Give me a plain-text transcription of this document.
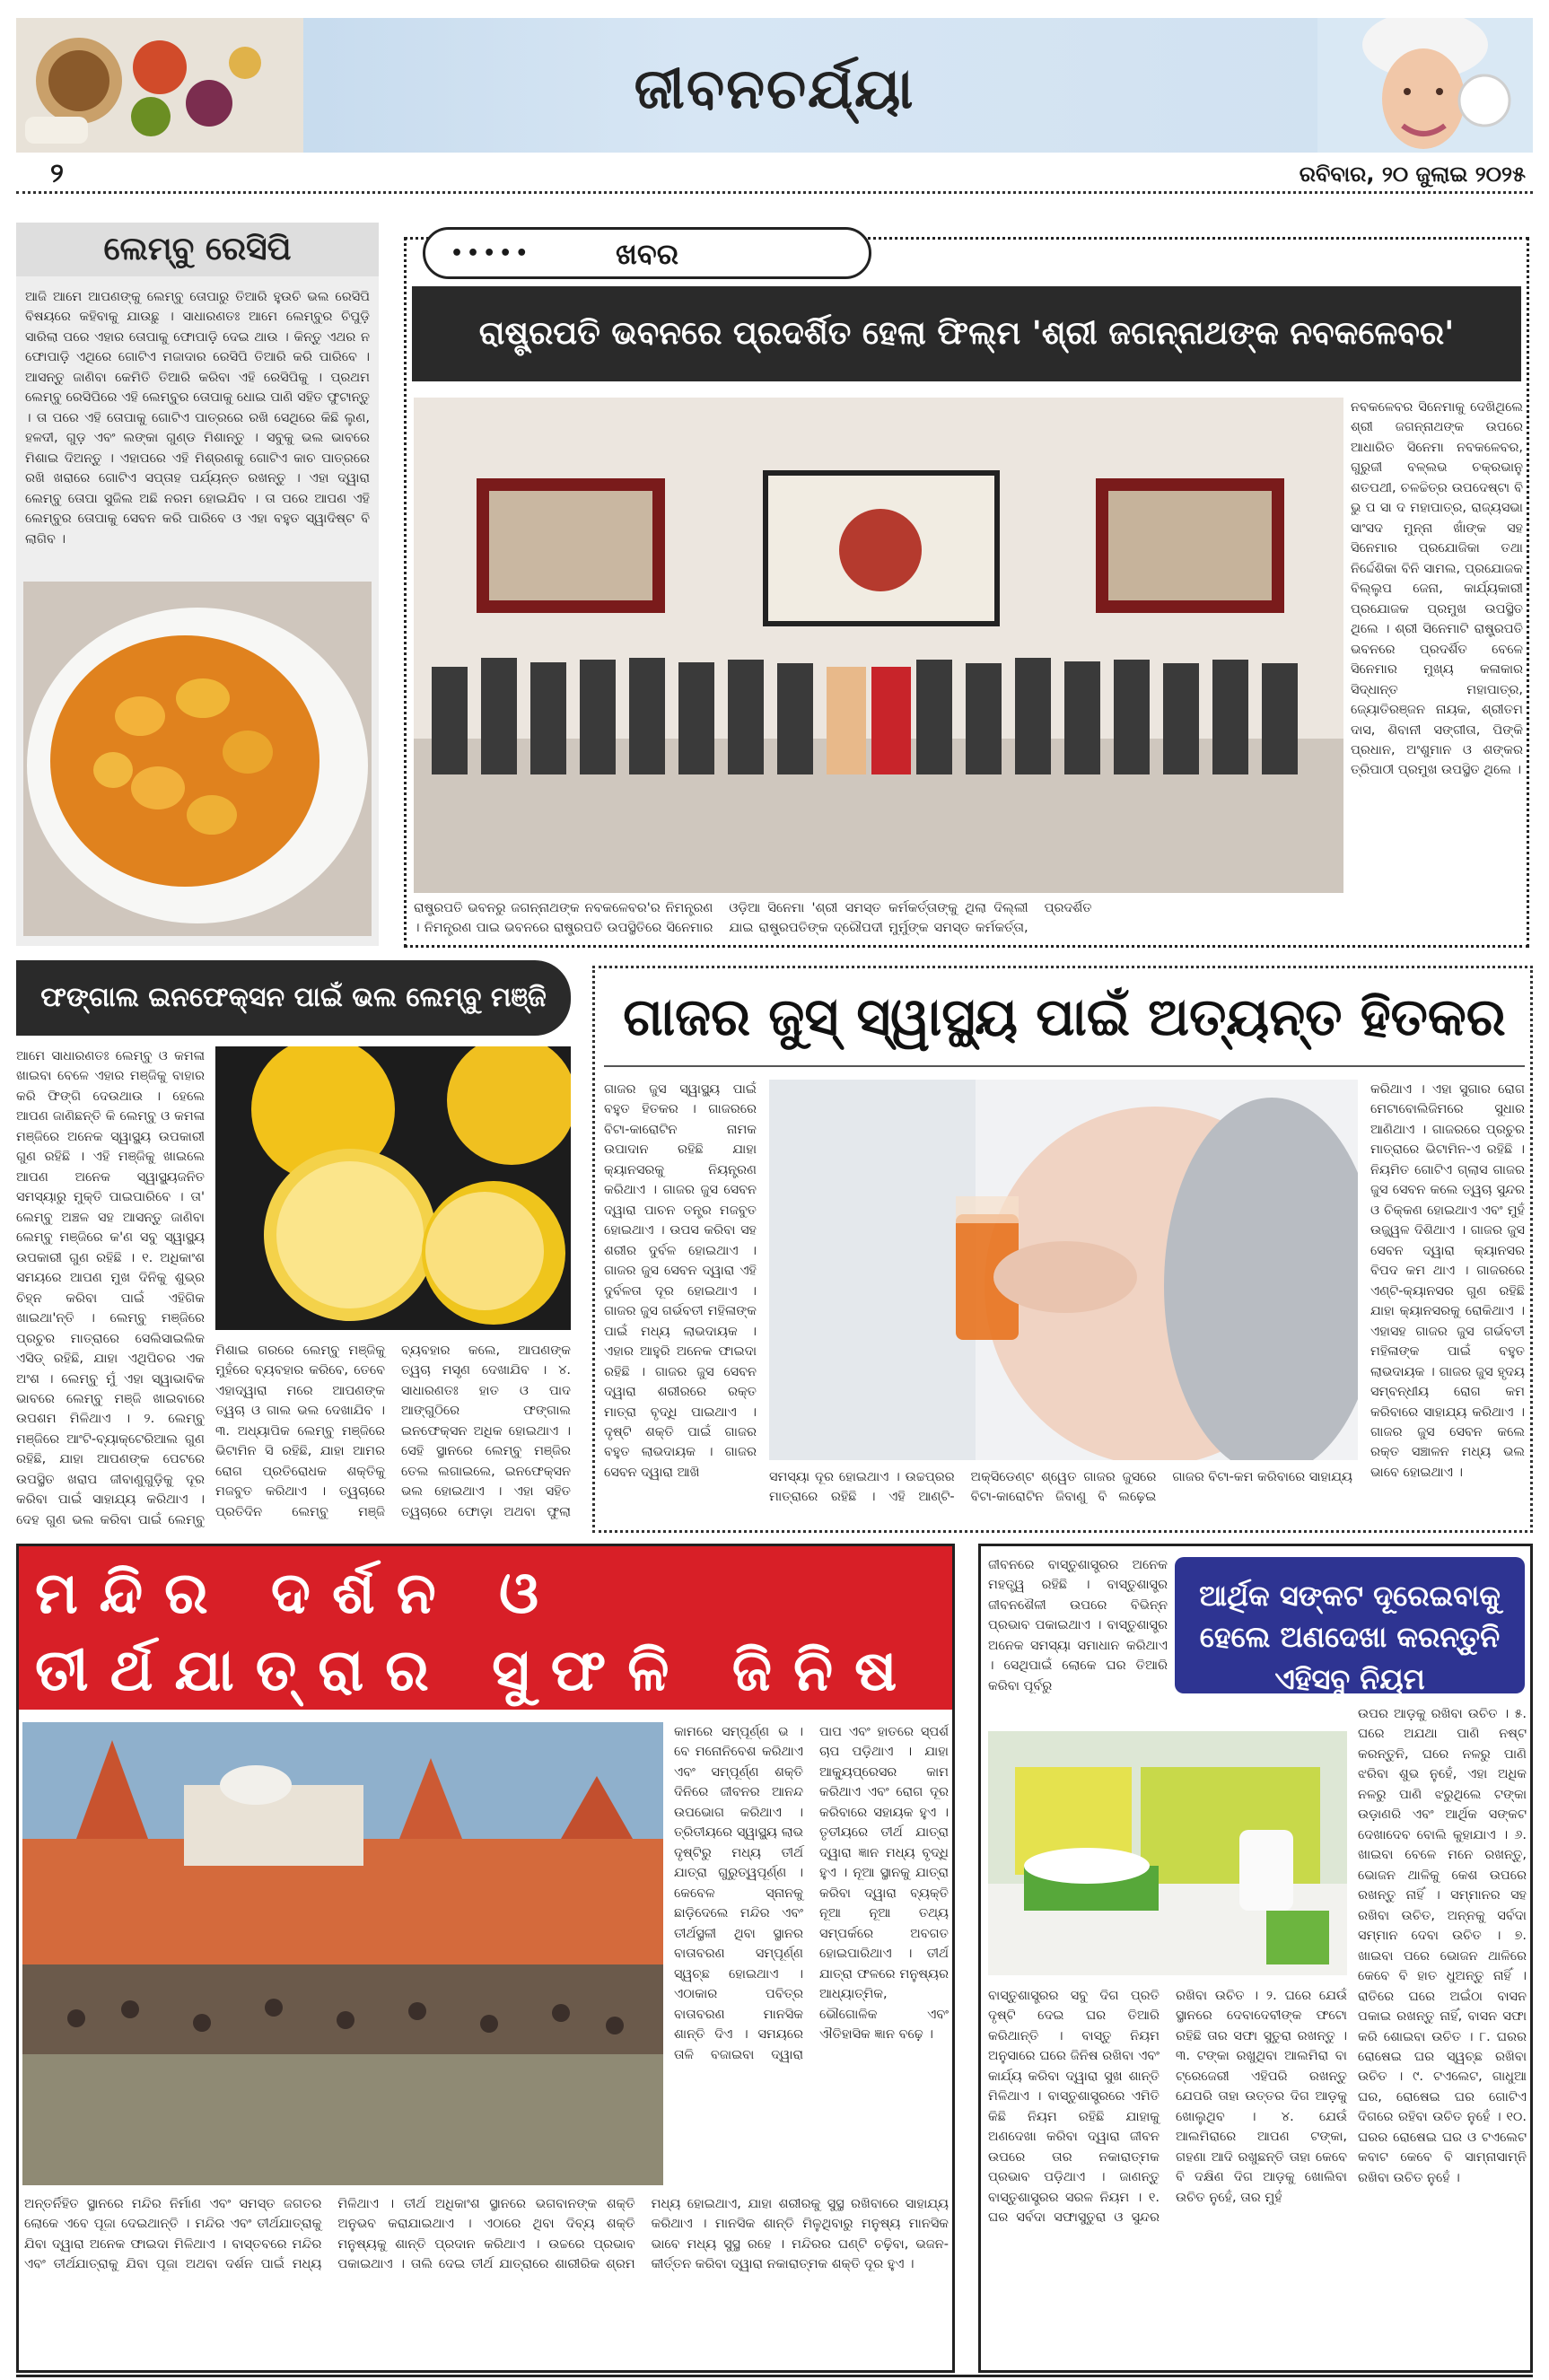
ଜୀବନଚର୍ଯ୍ୟା
୨	ରବିବାର, ୨୦ ଜୁଲାଇ ୨୦୨୫
ଲେମ୍ବୁ ରେସିପି
ଆଜି ଆମେ ଆପଣଙ୍କୁ ଲେମ୍ବୁ ତୋପାରୁ ତିଆରି ହୁଉଚି ଭଲ ରେସିପି ବିଷୟରେ କହିବାକୁ ଯାଉଛୁ । ସାଧାରଣତଃ ଆମେ ଲେମ୍ବୁର ଚିପୁଡ଼ି ସାରିଲା ପରେ ଏହାର ତୋପାକୁ ଫୋପାଡ଼ି ଦେଇ ଥାଉ । କିନ୍ତୁ ଏଥର ନ ଫୋପାଡ଼ି ଏଥିରେ ଗୋଟିଏ ମଜାଦାର ରେସିପି ତିଆରି କରି ପାରିବେ । ଆସନ୍ତୁ ଜାଣିବା କେମିତି ତିଆରି କରିବା ଏହି ରେସିପିକୁ । ପ୍ରଥମ ଲେମ୍ବୁ ରେସିପିରେ ଏହି ଲେମ୍ବୁର ତୋପାକୁ ଧୋଇ ପାଣି ସହିତ ଫୁଟାନ୍ତୁ । ତା ପରେ ଏହି ତୋପାକୁ ଗୋଟିଏ ପାତ୍ରରେ ରଖି ସେଥିରେ କିଛି ଲୁଣ, ହଳଦୀ, ଗୁଡ଼ ଏବଂ ଲଙ୍କା ଗୁଣ୍ଡ ମିଶାନ୍ତୁ । ସବୁକୁ ଭଲ ଭାବରେ ମିଶାଇ ଦିଅନ୍ତୁ । ଏହାପରେ ଏହି ମିଶ୍ରଣକୁ ଗୋଟିଏ କାଚ ପାତ୍ରରେ ରଖି ଖରାରେ ଗୋଟିଏ ସପ୍ତାହ ପର୍ଯ୍ୟନ୍ତ ରଖନ୍ତୁ । ଏହା ଦ୍ୱାରା ଲେମ୍ବୁ ତୋପା ସୁଜିଲ ଅଛି ନରମ ହୋଇଯିବ । ତା ପରେ ଆପଣ ଏହି ଲେମ୍ବୁର ତୋପାକୁ ସେବନ କରି ପାରିବେ ଓ ଏହା ବହୁତ ସ୍ୱାଦିଷ୍ଟ ବି ଲାଗିବ ।
•••••	ଖବର
ରାଷ୍ଟ୍ରପତି ଭବନରେ ପ୍ରଦର୍ଶିତ ହେଲା ଫିଲ୍ମ 'ଶ୍ରୀ ଜଗନ୍ନାଥଙ୍କ ନବକଳେବର'
ରାଷ୍ଟ୍ରପତି ଭବନରୁ ଜଗନ୍ନାଥଙ୍କ ନବକଳେବର'ର ନିମନ୍ତ୍ରଣ । ନିମନ୍ତ୍ରଣ ପାଇ ଭବନରେ ରାଷ୍ଟ୍ରପତି ଉପସ୍ଥିତିରେ ସିନେମାର ଓଡ଼ିଆ ସିନେମା 'ଶ୍ରୀ ସମସ୍ତ କର୍ମକର୍ତ୍ତାଙ୍କୁ ଥିଲା ଦିଲ୍ଲୀ ଯାଇ ରାଷ୍ଟ୍ରପତିଙ୍କ ଦ୍ରୌପଦୀ ମୁର୍ମୁଙ୍କ ସମସ୍ତ କର୍ମକର୍ତ୍ତା, ପ୍ରଦର୍ଶିତ
ନବକଳେବର ସିନେମାକୁ ଦେଖିଥିଲେ ଶ୍ରୀ ଜଗନ୍ନାଥଙ୍କ ଉପରେ ଆଧାରିତ ସିନେମା ନବକଳେବର, ଗୁରୁଜୀ ବଳ୍ଲଭ ଚକ୍ରଭାନୁ ଶତପଥୀ, ଚଳଚ୍ଚିତ୍ର ଉପଦେଷ୍ଟା ବି ଭୁ ପ ସା ଦ ମହାପାତ୍ର, ରାଜ୍ୟସଭା ସାଂସଦ ମୁନ୍ନା ଖାଁଙ୍କ ସହ ସିନେମାର ପ୍ରଯୋଜିକା ତଥା ନିର୍ଦ୍ଦେଶିକା ବିନି ସାମଲ, ପ୍ରଯୋଜକ ବିଲ୍ଲୁପ ଜେନା, କାର୍ଯ୍ୟକାରୀ ପ୍ରଯୋଜକ ପ୍ରମୁଖ ଉପସ୍ଥିତ ଥିଲେ । ଶ୍ରୀ ସିନେମାଟି ରାଷ୍ଟ୍ରପତି ଭବନରେ ପ୍ରଦର୍ଶିତ ବେଳେ ସିନେମାର ମୁଖ୍ୟ କଳାକାର ସିଦ୍ଧାନ୍ତ ମହାପାତ୍ର, ଜ୍ୟୋତିରଞ୍ଜନ ନାୟକ, ଶ୍ରୀତମ ଦାସ, ଶିବାନୀ ସଙ୍ଗୀତା, ପିଙ୍କି ପ୍ରଧାନ, ଅଂଶୁମାନ ଓ ଶଙ୍କର ତ୍ରିପାଠୀ ପ୍ରମୁଖ ଉପସ୍ଥିତ ଥିଲେ ।
ଫଙ୍ଗାଲ ଇନଫେକ୍ସନ ପାଇଁ ଭଲ ଲେମ୍ବୁ ମଞ୍ଜି
ଆମେ ସାଧାରଣତଃ ଲେମ୍ବୁ ଓ କମଳା ଖାଇବା ବେଳେ ଏହାର ମଞ୍ଜିକୁ ବାହାର କରି ଫିଙ୍ଗି ଦେଉଥାଉ । ହେଲେ ଆପଣ ଜାଣିଛନ୍ତି କି ଲେମ୍ବୁ ଓ କମଳା ମଞ୍ଜିରେ ଅନେକ ସ୍ୱାସ୍ଥ୍ୟ ଉପକାରୀ ଗୁଣ ରହିଛି । ଏହି ମଞ୍ଜିକୁ ଖାଇଲେ ଆପଣ ଅନେକ ସ୍ୱାସ୍ଥ୍ୟଜନିତ ସମସ୍ୟାରୁ ମୁକ୍ତି ପାଇପାରିବେ । ତା' ଲେମ୍ବୁ ଅଞ୍ଚଳ ସହ ଆସନ୍ତୁ ଜାଣିବା ଲେମ୍ବୁ ମଞ୍ଜିରେ କ'ଣ ସବୁ ସ୍ୱାସ୍ଥ୍ୟ ଉପକାରୀ ଗୁଣ ରହିଛି । ୧. ଅଧିକାଂଶ ସମୟରେ ଆପଣ ମୁଖ ଦିନିକୁ ଶୁଭ୍ର ଚିହ୍ନ କରିବା ପାଇଁ ଏହିଗିକ ଖାଇଥା'ନ୍ତି । ଲେମ୍ବୁ ମଞ୍ଜିରେ ପ୍ରଚୁର ମାତ୍ରାରେ ସେଲିସାଇଲିକ ଏସିଡ୍ ରହିଛି, ଯାହା ଏଥିପିଚର ଏକ ଅଂଶ । ଲେମ୍ବୁ ମୁଁ ଏହା ସ୍ୱାଭାବିକ ଭାବରେ ଲେମ୍ବୁ ମଞ୍ଜି ଖାଇବାରେ ଉପଶମ ମିଳିଥାଏ । ୨. ଲେମ୍ବୁ ମଞ୍ଜିରେ ଆଂଟି-ବ୍ୟାକ୍ଟେରିଆଲ ଗୁଣ ରହିଛି, ଯାହା ଆପଣଙ୍କ ପେଟରେ ଉପସ୍ଥିତ ଖରାପ ଜୀବାଣୁଗୁଡ଼ିକୁ ଦୂର କରିବା ପାଇଁ ସାହାଯ୍ୟ କରିଥାଏ । ଦେହ ଗୁଣ ଭଲ କରିବା ପାଇଁ ଲେମ୍ବୁ
ମିଶାଇ ଗରରେ ଲେମ୍ବୁ ମଞ୍ଜିକୁ ମୁହଁରେ ବ୍ୟବହାର କରିବେ, ତେବେ ଏହାଦ୍ୱାରା ମରେ ଆପଣଙ୍କ ତ୍ୱଚା ଓ ଗାଲ ଭଲ ଦେଖାଯିବ । ୩. ଅଧ୍ୟାପିକ ଲେମ୍ବୁ ମଞ୍ଜିରେ ଭିଟାମିନ ସି ରହିଛି, ଯାହା ଆମର ରୋଗ ପ୍ରତିରୋଧକ ଶକ୍ତିକୁ ମଜବୁତ କରିଥାଏ । ତ୍ୱଚାରେ ପ୍ରତିଦିନ ଲେମ୍ବୁ ମଞ୍ଜି ବ୍ୟବହାର କଲେ, ଆପଣଙ୍କ ତ୍ୱଚା ମସୃଣ ଦେଖାଯିବ । ୪. ସାଧାରଣତଃ ହାତ ଓ ପାଦ ଆଙ୍ଗୁଠିରେ ଫଙ୍ଗାଲ ଇନଫେକ୍ସନ ଅଧିକ ହୋଇଥାଏ । ସେହି ସ୍ଥାନରେ ଲେମ୍ବୁ ମଞ୍ଜିର ତେଲ ଲଗାଇଲେ, ଇନଫେକ୍ସନ ଭଲ ହୋଇଥାଏ । ଏହା ସହିତ ତ୍ୱଚାରେ ଫୋଡ଼ା ଅଥବା ଫୁଲା
ଗାଜର ଜୁସ୍ ସ୍ୱାସ୍ଥ୍ୟ ପାଇଁ ଅତ୍ୟନ୍ତ ହିତକର
ଗାଜର ଜୁସ ସ୍ୱାସ୍ଥ୍ୟ ପାଇଁ ବହୁତ ହିତକର । ଗାଜରରେ ବିଟା-କାରୋଟିନ ନାମକ ଉପାଦାନ ରହିଛି ଯାହା କ୍ୟାନସରକୁ ନିୟନ୍ତ୍ରଣ କରିଥାଏ । ଗାଜର ଜୁସ ସେବନ ଦ୍ୱାରା ପାଚନ ତନ୍ତ୍ର ମଜବୁତ ହୋଇଥାଏ । ଉପସ କରିବା ସହ ଶରୀର ଦୁର୍ବଳ ହୋଇଥାଏ । ଗାଜର ଜୁସ ସେବନ ଦ୍ୱାରା ଏହି ଦୁର୍ବଳତା ଦୂର ହୋଇଥାଏ । ଗାଜର ଜୁସ ଗର୍ଭବତୀ ମହିଳାଙ୍କ ପାଇଁ ମଧ୍ୟ ଲାଭଦାୟକ । ଏହାର ଆହୁରି ଅନେକ ଫାଇଦା ରହିଛି । ଗାଜର ଜୁସ ସେବନ ଦ୍ୱାରା ଶରୀରରେ ରକ୍ତ ମାତ୍ରା ବୃଦ୍ଧି ପାଇଥାଏ । ଦୃଷ୍ଟି ଶକ୍ତି ପାଇଁ ଗାଜର ବହୁତ ଲାଭଦାୟକ । ଗାଜର ସେବନ ଦ୍ୱାରା ଆଖି	ସମସ୍ୟା ଦୂର ହୋଇଥାଏ । ଉଚ୍ଚପ୍ରର ମାତ୍ରାରେ ରହିଛି । ଏହି ଆଣ୍ଟି-ଅକ୍ସିଡେଣ୍ଟ ଶ୍ୱେତ ଗାଜର ଜୁସରେ ବିଟା-କାରୋଟିନ ଜିବାଣୁ ବି ଲଢ଼େଇ ଗାଜର ବିଟା-କମ କରିବାରେ ସାହାଯ୍ୟ
କରିଥାଏ । ଏହା ସୁଗାର ରୋଗ ମେଟାବୋଲିଜିମରେ ସୁଧାର ଆଣିଥାଏ । ଗାଜରରେ ପ୍ରଚୁର ମାତ୍ରାରେ ଭିଟାମିନ-ଏ ରହିଛି । ନିୟମିତ ଗୋଟିଏ ଗ୍ଲାସ ଗାଜର ଜୁସ ସେବନ କଲେ ତ୍ୱଚା ସୁନ୍ଦର ଓ ଚିକ୍କଣ ହୋଇଥାଏ ଏବଂ ମୁହଁ ଉଜ୍ଜ୍ୱଳ ଦିଶିଥାଏ । ଗାଜର ଜୁସ ସେବନ ଦ୍ୱାରା କ୍ୟାନସର ବିପଦ କମ ଥାଏ । ଗାଜରରେ ଏଣ୍ଟି-କ୍ୟାନସର ଗୁଣ ରହିଛି ଯାହା କ୍ୟାନସରକୁ ରୋକିଥାଏ । ଏହାସହ ଗାଜର ଜୁସ ଗର୍ଭବତୀ ମହିଳାଙ୍କ ପାଇଁ ବହୁତ ଲାଭଦାୟକ । ଗାଜର ଜୁସ ହୃଦୟ ସମ୍ବନ୍ଧୀୟ ରୋଗ କମ କରିବାରେ ସାହାଯ୍ୟ କରିଥାଏ । ଗାଜର ଜୁସ ସେବନ କଲେ ରକ୍ତ ସଞ୍ଚାଳନ ମଧ୍ୟ ଭଲ ଭାବେ ହୋଇଥାଏ ।
ମନ୍ଦିର ଦର୍ଶନ ଓ ତୀର୍ଥଯାତ୍ରାର ସୁଫଳି ଜିନିଷ
କାମରେ ସମ୍ପୂର୍ଣ୍ଣ ଭ । ବେ ମନୋନିବେଶ କରିଥାଏ ଏବଂ ସମ୍ପୂର୍ଣ୍ଣ ଶକ୍ତି ଦିନିରେ ଜୀବନର ଆନନ୍ଦ ଉପଭୋଗ କରିଥାଏ । ତ୍ରିତୀୟରେ ସ୍ୱାସ୍ଥ୍ୟ ଲାଭ ଦୃଷ୍ଟିରୁ ମଧ୍ୟ ତୀର୍ଥ ଯାତ୍ରା ଗୁରୁତ୍ୱପୂର୍ଣ୍ଣ । କେବେଳ ସ୍ନାନକୁ ଛାଡ଼ିଦେଲେ ମନ୍ଦିର ଏବଂ ତୀର୍ଥସ୍ଥଳୀ ଥିବା ସ୍ଥାନର ବାତାବରଣ ସମ୍ପୂର୍ଣ୍ଣ ସ୍ୱଚ୍ଛ ହୋଇଥାଏ । ଏଠାକାର ପବିତ୍ର ବାତାବରଣ ମାନସିକ ଶାନ୍ତି ଦିଏ । ସମୟରେ ତାଳି ବଜାଇବା ଦ୍ୱାରା ପାପ ଏବଂ ହାତରେ ସ୍ପର୍ଶ ଚାପ ପଡ଼ିଥାଏ । ଯାହା ଆକ୍ୟୁପ୍ରେସର କାମ କରିଥାଏ ଏବଂ ରୋଗ ଦୂର କରିବାରେ ସହାୟକ ହୁଏ । ତୃତୀୟରେ ତୀର୍ଥ ଯାତ୍ରା ଦ୍ୱାରା ଜ୍ଞାନ ମଧ୍ୟ ବୃଦ୍ଧି ହୁଏ । ନୂଆ ସ୍ଥାନକୁ ଯାତ୍ରା କରିବା ଦ୍ୱାରା ବ୍ୟକ୍ତି ନୂଆ ନୂଆ ତଥ୍ୟ ସମ୍ପର୍କରେ ଅବଗତ ହୋଇପାରିଥାଏ । ତୀର୍ଥ ଯାତ୍ରା ଫଳରେ ମନୁଷ୍ୟର ଆଧ୍ୟାତ୍ମିକ, ଭୌଗୋଳିକ ଏବଂ ଐତିହାସିକ ଜ୍ଞାନ ବଢ଼େ ।
ଅନ୍ତର୍ନିହିତ ସ୍ଥାନରେ ମନ୍ଦିର ନିର୍ମାଣ ଏବଂ ସମସ୍ତ ଜଗତର ଲୋକେ ଏବେ ପୂଜା ଦେଇଥାନ୍ତି । ମନ୍ଦିର ଏବଂ ତୀର୍ଥଯାତ୍ରାକୁ ଯିବା ଦ୍ୱାରା ଅନେକ ଫାଇଦା ମିଳିଥାଏ । ବାସ୍ତବରେ ମନ୍ଦିର ଏବଂ ତୀର୍ଥଯାତ୍ରାକୁ ଯିବା ପୂଜା ଅଥବା ଦର୍ଶନ ପାଇଁ ମଧ୍ୟ ମିଳିଥାଏ । ତୀର୍ଥ ଅଧିକାଂଶ ସ୍ଥାନରେ ଭଗବାନଙ୍କ ଶକ୍ତି ଅନୁଭବ କରାଯାଇଥାଏ । ଏଠାରେ ଥିବା ଦିବ୍ୟ ଶକ୍ତି ମନୁଷ୍ୟକୁ ଶାନ୍ତି ପ୍ରଦାନ କରିଥାଏ । ଉଚ୍ଚରେ ପ୍ରଭାବ ପକାଇଥାଏ । ତାଲି ଦେଇ ତୀର୍ଥ ଯାତ୍ରାରେ ଶାରୀରିକ ଶ୍ରମ ମଧ୍ୟ ହୋଇଥାଏ, ଯାହା ଶରୀରକୁ ସୁସ୍ଥ ରଖିବାରେ ସାହାଯ୍ୟ କରିଥାଏ । ମାନସିକ ଶାନ୍ତି ମିଳୁଥିବାରୁ ମନୁଷ୍ୟ ମାନସିକ ଭାବେ ମଧ୍ୟ ସୁସ୍ଥ ରହେ । ମନ୍ଦିରର ଘଣ୍ଟି ଚଢ଼ିବା, ଭଜନ-କୀର୍ତ୍ତନ କରିବା ଦ୍ୱାରା ନକାରାତ୍ମକ ଶକ୍ତି ଦୂର ହୁଏ ।
ଜୀବନରେ ବାସ୍ତୁଶାସ୍ତ୍ରର ଅନେକ ମହତ୍ତ୍ୱ ରହିଛି । ବାସ୍ତୁଶାସ୍ତ୍ର ଜୀବନଶୈଳୀ ଉପରେ ବିଭିନ୍ନ ପ୍ରଭାବ ପକାଇଥାଏ । ବାସ୍ତୁଶାସ୍ତ୍ର ଅନେକ ସମସ୍ୟା ସମାଧାନ କରିଥାଏ । ସେଥିପାଇଁ ଲୋକେ ଘର ତିଆରି କରିବା ପୂର୍ବରୁ
ଆର୍ଥିକ ସଙ୍କଟ ଦୂରେଇବାକୁ ହେଲେ ଅଣଦେଖା କରନ୍ତୁନି ଏହିସବୁ ନିୟମ
ଉପର ଆଡ଼କୁ ରଖିବା ଉଚିତ । ୫. ଘରେ ଅଯଥା ପାଣି ନଷ୍ଟ କରନ୍ତୁନି, ଘରେ ନଳରୁ ପାଣି ଝରିବା ଶୁଭ ନୁହେଁ, ଏହା ଅଧିକ ନଳରୁ ପାଣି ଝରୁଥିଲେ ଟଙ୍କା ଉଡ଼ାଣରି ଏବଂ ଆର୍ଥିକ ସଙ୍କଟ ଦେଖାଦେବ ବୋଲି କୁହାଯାଏ । ୬. ଖାଇବା ବେଳେ ମନେ ରଖନ୍ତୁ, ଭୋଜନ ଥାଳିକୁ କେଶ ଉପରେ ରଖନ୍ତୁ ନାହିଁ । ସମ୍ମାନର ସହ ରଖିବା ଉଚିତ, ଅନ୍ନକୁ ସର୍ବଦା ସମ୍ମାନ ଦେବା ଉଚିତ । ୭. ଖାଇବା ପରେ ଭୋଜନ ଥାଳିରେ କେବେ ବି ହାତ ଧୁଅନ୍ତୁ ନାହିଁ । ରାତିରେ ଘରେ ଅଇଁଠା ବାସନ ପକାଇ ରଖନ୍ତୁ ନାହିଁ, ବାସନ ସଫା କରି ଶୋଇବା ଉଚିତ । ୮. ଘରର ରୋଷେଇ ଘର ସ୍ୱଚ୍ଛ ରଖିବା ଉଚିତ । ୯. ଟଏଲେଟ, ଗାଧୁଆ ଘର, ରୋଷେଇ ଘର ଗୋଟିଏ ଦିଗରେ ରହିବା ଉଚିତ ନୁହେଁ । ୧୦. ଘରର ରୋଷେଇ ଘର ଓ ଟଏଲେଟ କବାଟ କେବେ ବି ସାମ୍ନାସାମ୍ନି ରଖିବା ଉଚିତ ନୁହେଁ ।
ବାସ୍ତୁଶାସ୍ତ୍ରର ସବୁ ଦିଗ ପ୍ରତି ଦୃଷ୍ଟି ଦେଇ ଘର ତିଆରି କରିଥାନ୍ତି । ବାସ୍ତୁ ନିୟମ ଅନୁସାରେ ଘରେ ଜିନିଷ ରଖିବା ଏବଂ କାର୍ଯ୍ୟ କରିବା ଦ୍ୱାରା ସୁଖ ଶାନ୍ତି ମିଳିଥାଏ । ବାସ୍ତୁଶାସ୍ତ୍ରରେ ଏମିତି କିଛି ନିୟମ ରହିଛି ଯାହାକୁ ଅଣଦେଖା କରିବା ଦ୍ୱାରା ଜୀବନ ଉପରେ ତାର ନକାରାତ୍ମକ ପ୍ରଭାବ ପଡ଼ିଥାଏ । ଜାଣନ୍ତୁ ବାସ୍ତୁଶାସ୍ତ୍ରର ସରଳ ନିୟମ । ୧. ଘର ସର୍ବଦା ସଫାସୁତୁରା ଓ ସୁନ୍ଦର ରଖିବା ଉଚିତ । ୨. ଘରେ ଯେଉଁ ସ୍ଥାନରେ ଦେବାଦେବୀଙ୍କ ଫଟୋ ରହିଛି ତାର ସଫା ସୁତୁରା ରଖନ୍ତୁ । ୩. ଟଙ୍କା ରଖୁଥିବା ଆଲମିରା ବା ଟ୍ରେଜେରୀ ଏହିପରି ରଖନ୍ତୁ ଯେପରି ତାହା ଉତ୍ତର ଦିଗ ଆଡ଼କୁ ଖୋଲୁଥିବ । ୪. ଯେଉଁ ଆଲମିରାରେ ଆପଣ ଟଙ୍କା, ଗହଣା ଆଦି ରଖୁଛନ୍ତି ତାହା କେବେ ବି ଦକ୍ଷିଣ ଦିଗ ଆଡ଼କୁ ଖୋଲିବା ଉଚିତ ନୁହେଁ, ତାର ମୁହଁ
